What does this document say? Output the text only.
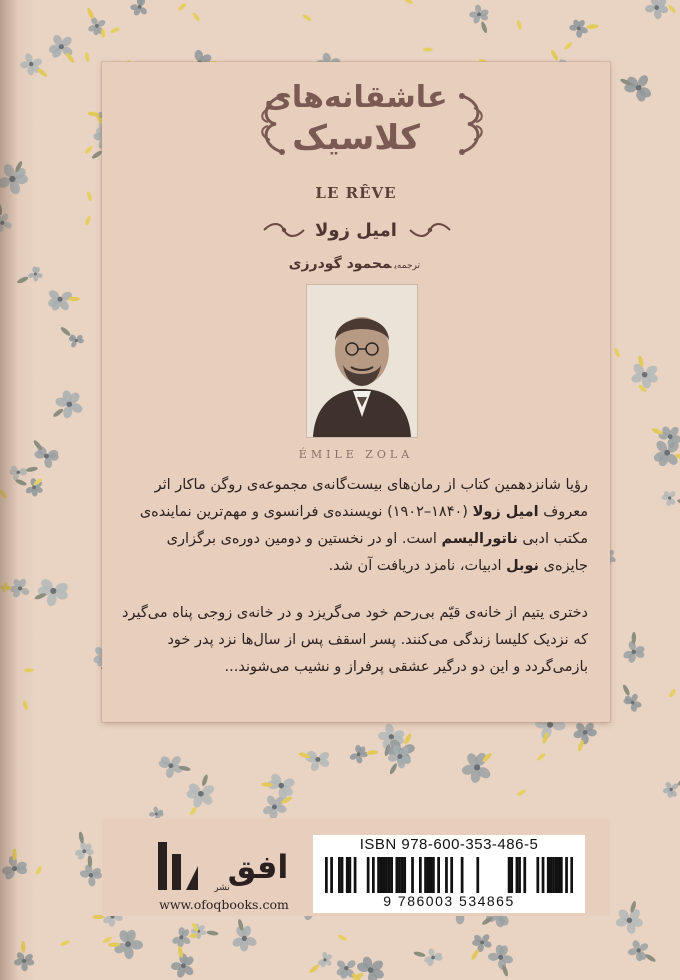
عاشقانه‌های
کلاسیک
LE RÊVE
امیل زولا
ترجمه‌یمحمود گودرزی
ÉMILE ZOLA
رؤیا شانزدهمین کتاب از رمان‌های بیست‌گانه‌ی مجموعه‌ی روگن ماکار اثر معروف امیل زولا (۱۸۴۰–۱۹۰۲) نویسنده‌ی فرانسوی و مهم‌ترین نماینده‌ی مکتب ادبی ناتورالیسم است. او در نخستین و دومین دوره‌ی برگزاری جایزه‌ی نوبل ادبیات، نامزد دریافت آن شد.
دختری یتیم از خانه‌ی قیّم بی‌رحم خود می‌گریزد و در خانه‌ی زوجی پناه می‌گیرد که نزدیک کلیسا زندگی می‌کنند. پسر اسقف پس از سال‌ها نزد پدر خود بازمی‌گردد و این دو درگیر عشقی پرفراز و نشیب می‌شوند...
افق
نشر
www.ofoqbooks.com
ISBN 978-600-353-486-5
9 786003 534865
